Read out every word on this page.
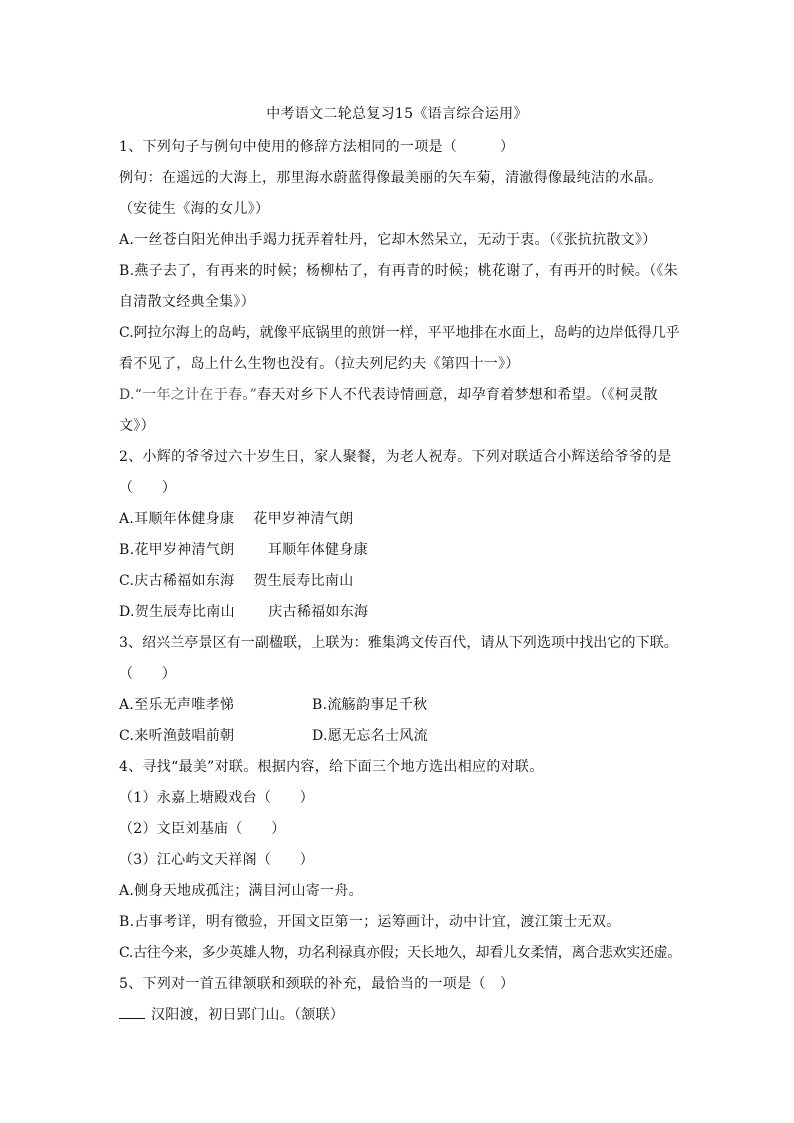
中考语文二轮总复习15《语言综合运用》
1、下列句子与例句中使用的修辞方法相同的一项是（　　　）
例句：在遥远的大海上，那里海水蔚蓝得像最美丽的矢车菊，清澈得像最纯洁的水晶。
（安徒生《海的女儿》）
A.一丝苍白阳光伸出手竭力抚弄着牡丹，它却木然呆立，无动于衷。（《张抗抗散文》）
B.燕子去了，有再来的时候；杨柳枯了，有再青的时候；桃花谢了，有再开的时候。（《朱
自清散文经典全集》）
C.阿拉尔海上的岛屿，就像平底锅里的煎饼一样，平平地排在水面上，岛屿的边岸低得几乎
看不见了，岛上什么生物也没有。（拉夫列尼约夫《第四十一》）
D.“一年之计在于春。”春天对乡下人不代表诗情画意，却孕育着梦想和希望。（《柯灵散
文》）
2、小辉的爷爷过六十岁生日，家人聚餐，为老人祝寿。下列对联适合小辉送给爷爷的是
（　　）
A.耳顺年体健身康　 花甲岁神清气朗
B.花甲岁神清气朗　　 耳顺年体健身康
C.庆古稀福如东海　 贺生辰寿比南山
D.贺生辰寿比南山　　 庆古稀福如东海
3、绍兴兰亭景区有一副楹联，上联为：雅集鸿文传百代，请从下列选项中找出它的下联。
（　　）
A.至乐无声唯孝悌	B.流觞韵事足千秋
C.来听渔鼓唱前朝	D.愿无忘名士风流
4、寻找“最美”对联。根据内容，给下面三个地方选出相应的对联。
（1）永嘉上塘殿戏台（　　）
（2）文臣刘基庙（　　）
（3）江心屿文天祥阁（　　）
A.侧身天地成孤注；满目河山寄一舟。
B.占事考详，明有徵验，开国文臣第一；运筹画计，动中计宜，渡江策士无双。
C.古往今来，多少英雄人物，功名利禄真亦假；天长地久，却看儿女柔情，离合悲欢实还虚。
5、下列对一首五律颔联和颈联的补充，最恰当的一项是（　）
汉阳渡，初日郢门山。（颔联）
